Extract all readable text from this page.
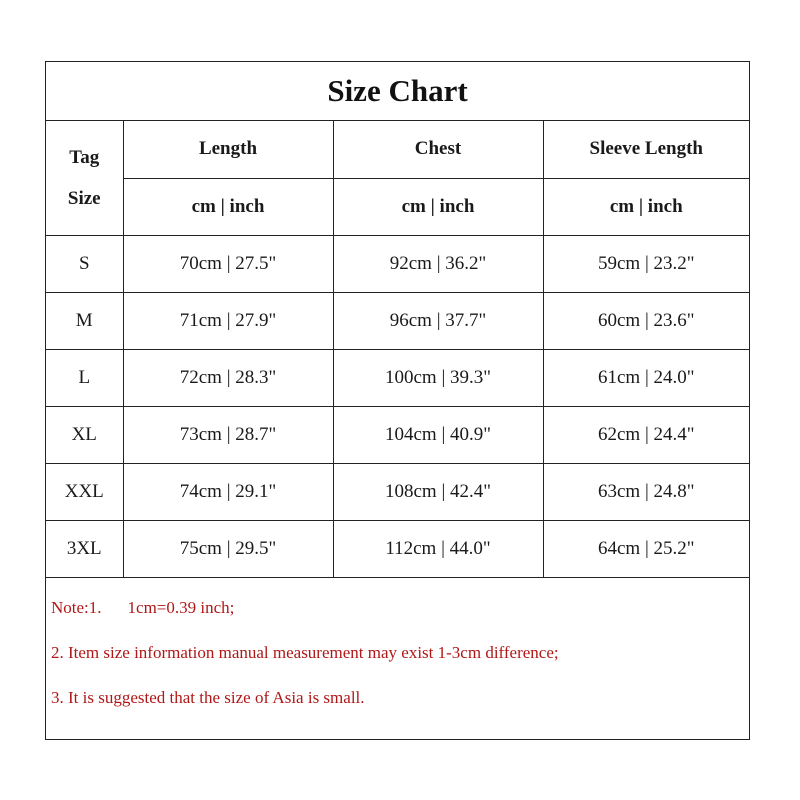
Size Chart
Tag
Size	Length	Chest	Sleeve Length
	cm | inch	cm | inch	cm | inch
S	70cm | 27.5"	92cm | 36.2"	59cm | 23.2"
M	71cm | 27.9"	96cm | 37.7"	60cm | 23.6"
L	72cm | 28.3"	100cm | 39.3"	61cm | 24.0"
XL	73cm | 28.7"	104cm | 40.9"	62cm | 24.4"
XXL	74cm | 29.1"	108cm | 42.4"	63cm | 24.8"
3XL	75cm | 29.5"	112cm | 44.0"	64cm | 25.2"
Note:1. 1cm=0.39 inch;
2. Item size information manual measurement may exist 1-3cm difference;
3. It is suggested that the size of Asia is small.
